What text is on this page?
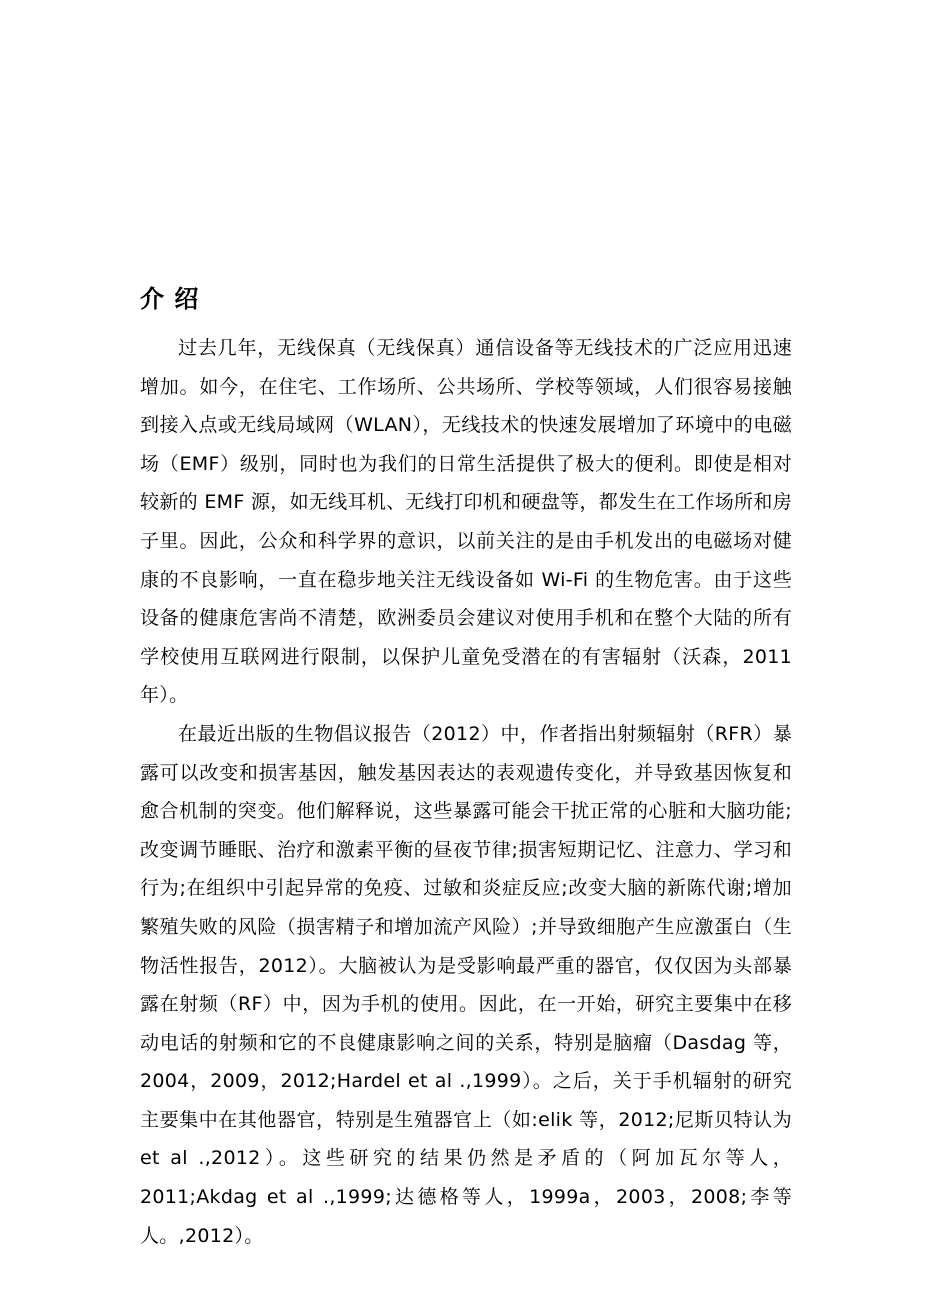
介 绍

过去几年，无线保真（无线保真）通信设备等无线技术的广泛应用迅速增加。如今，在住宅、工作场所、公共场所、学校等领域，人们很容易接触到接入点或无线局域网（WLAN），无线技术的快速发展增加了环境中的电磁场（EMF）级别，同时也为我们的日常生活提供了极大的便利。即使是相对较新的 EMF 源，如无线耳机、无线打印机和硬盘等，都发生在工作场所和房子里。因此，公众和科学界的意识，以前关注的是由手机发出的电磁场对健康的不良影响，一直在稳步地关注无线设备如 Wi-Fi 的生物危害。由于这些设备的健康危害尚不清楚，欧洲委员会建议对使用手机和在整个大陆的所有学校使用互联网进行限制，以保护儿童免受潜在的有害辐射（沃森，2011 年）。

在最近出版的生物倡议报告（2012）中，作者指出射频辐射（RFR）暴露可以改变和损害基因，触发基因表达的表观遗传变化，并导致基因恢复和愈合机制的突变。他们解释说，这些暴露可能会干扰正常的心脏和大脑功能;改变调节睡眠、治疗和激素平衡的昼夜节律;损害短期记忆、注意力、学习和行为;在组织中引起异常的免疫、过敏和炎症反应;改变大脑的新陈代谢;增加繁殖失败的风险（损害精子和增加流产风险）;并导致细胞产生应激蛋白（生物活性报告，2012）。大脑被认为是受影响最严重的器官，仅仅因为头部暴露在射频（RF）中，因为手机的使用。因此，在一开始，研究主要集中在移动电话的射频和它的不良健康影响之间的关系，特别是脑瘤（Dasdag 等，2004，2009，2012;Hardel et al .,1999）。之后，关于手机辐射的研究主要集中在其他器官，特别是生殖器官上（如:elik 等，2012;尼斯贝特认为 et al .,2012）。这些研究的结果仍然是矛盾的（阿加瓦尔等人，2011;Akdag et al .,1999;达德格等人，1999a，2003，2008;李等人。,2012）。
